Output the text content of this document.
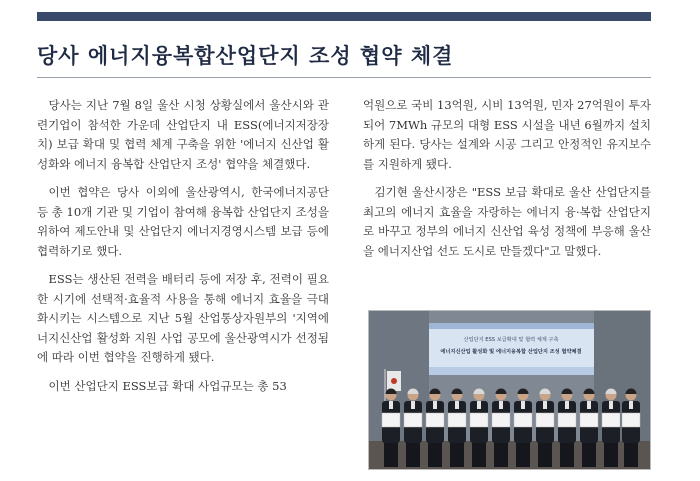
당사 에너지융복합산업단지 조성 협약 체결

당사는 지난 7월 8일 울산 시청 상황실에서 울산시와 관련기업이 참석한 가운데 산업단지 내 ESS(에너지저장장치) 보급 확대 및 협력 체계 구축을 위한 '에너지 신산업 활성화와 에너지 융복합 산업단지 조성' 협약을 체결했다.

이번 협약은 당사 이외에 울산광역시, 한국에너지공단 등 총 10개 기관 및 기업이 참여해 융복합 산업단지 조성을 위하여 제도안내 및 산업단지 에너지경영시스템 보급 등에 협력하기로 했다.

ESS는 생산된 전력을 배터리 등에 저장 후, 전력이 필요한 시기에 선택적·효율적 사용을 통해 에너지 효율을 극대화시키는 시스템으로 지난 5월 산업통상자원부의 '지역에너지신산업 활성화 지원 사업 공모에 울산광역시가 선정됨에 따라 이번 협약을 진행하게 됐다.

이번 산업단지 ESS보급 확대 사업규모는 총 53

억원으로 국비 13억원, 시비 13억원, 민자 27억원이 투자되어 7MWh 규모의 대형 ESS 시설을 내년 6월까지 설치하게 된다. 당사는 설계와 시공 그리고 안정적인 유지보수를 지원하게 됐다.

김기현 울산시장은 "ESS 보급 확대로 울산 산업단지를 최고의 에너지 효율을 자랑하는 에너지 융·복합 산업단지로 바꾸고 정부의 에너지 신산업 육성 정책에 부응해 울산을 에너지산업 선도 도시로 만들겠다"고 말했다.

산업단지 ESS 보급확대 및 협력 체계 구축
에너지신산업 활성화 및 에너지융복합 산업단지 조성 협약체결
